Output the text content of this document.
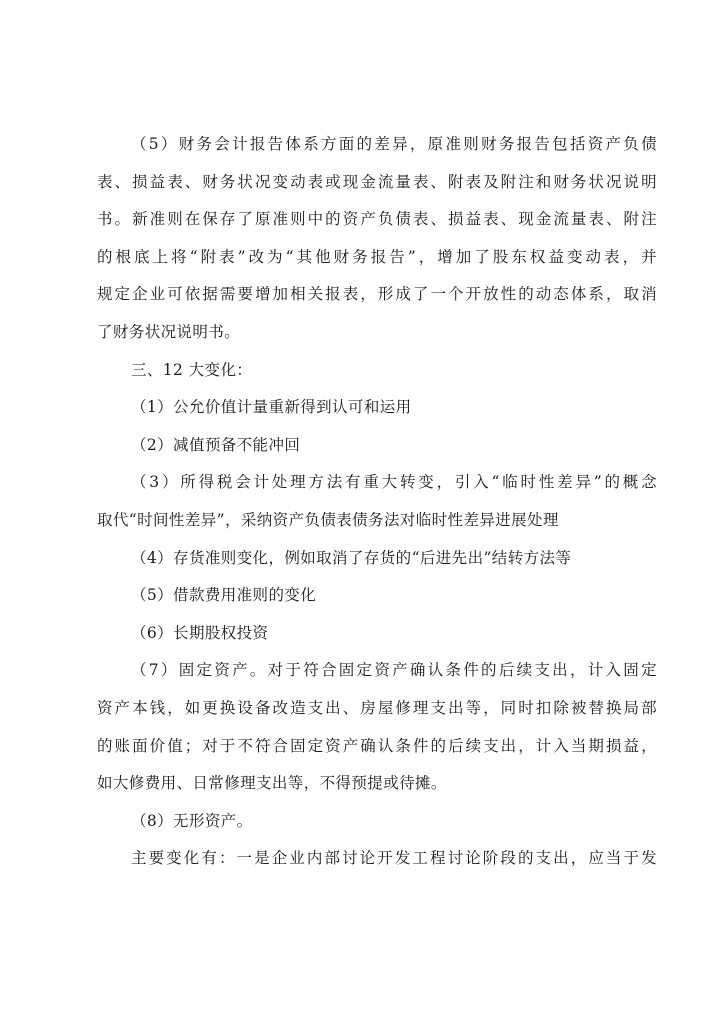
（5）财务会计报告体系方面的差异，原准则财务报告包括资产负债
表、损益表、财务状况变动表或现金流量表、附表及附注和财务状况说明
书。新准则在保存了原准则中的资产负债表、损益表、现金流量表、附注
的根底上将“附表”改为“其他财务报告”，增加了股东权益变动表，并
规定企业可依据需要增加相关报表，形成了一个开放性的动态体系，取消
了财务状况说明书。
三、12 大变化：
（1）公允价值计量重新得到认可和运用
（2）减值预备不能冲回
（3）所得税会计处理方法有重大转变，引入“临时性差异”的概念
取代“时间性差异”，采纳资产负债表债务法对临时性差异进展处理
（4）存货准则变化，例如取消了存货的“后进先出”结转方法等
（5）借款费用准则的变化
（6）长期股权投资
（7）固定资产。对于符合固定资产确认条件的后续支出，计入固定
资产本钱，如更换设备改造支出、房屋修理支出等，同时扣除被替换局部
的账面价值；对于不符合固定资产确认条件的后续支出，计入当期损益，
如大修费用、日常修理支出等，不得预提或待摊。
（8）无形资产。
主要变化有：一是企业内部讨论开发工程讨论阶段的支出，应当于发
